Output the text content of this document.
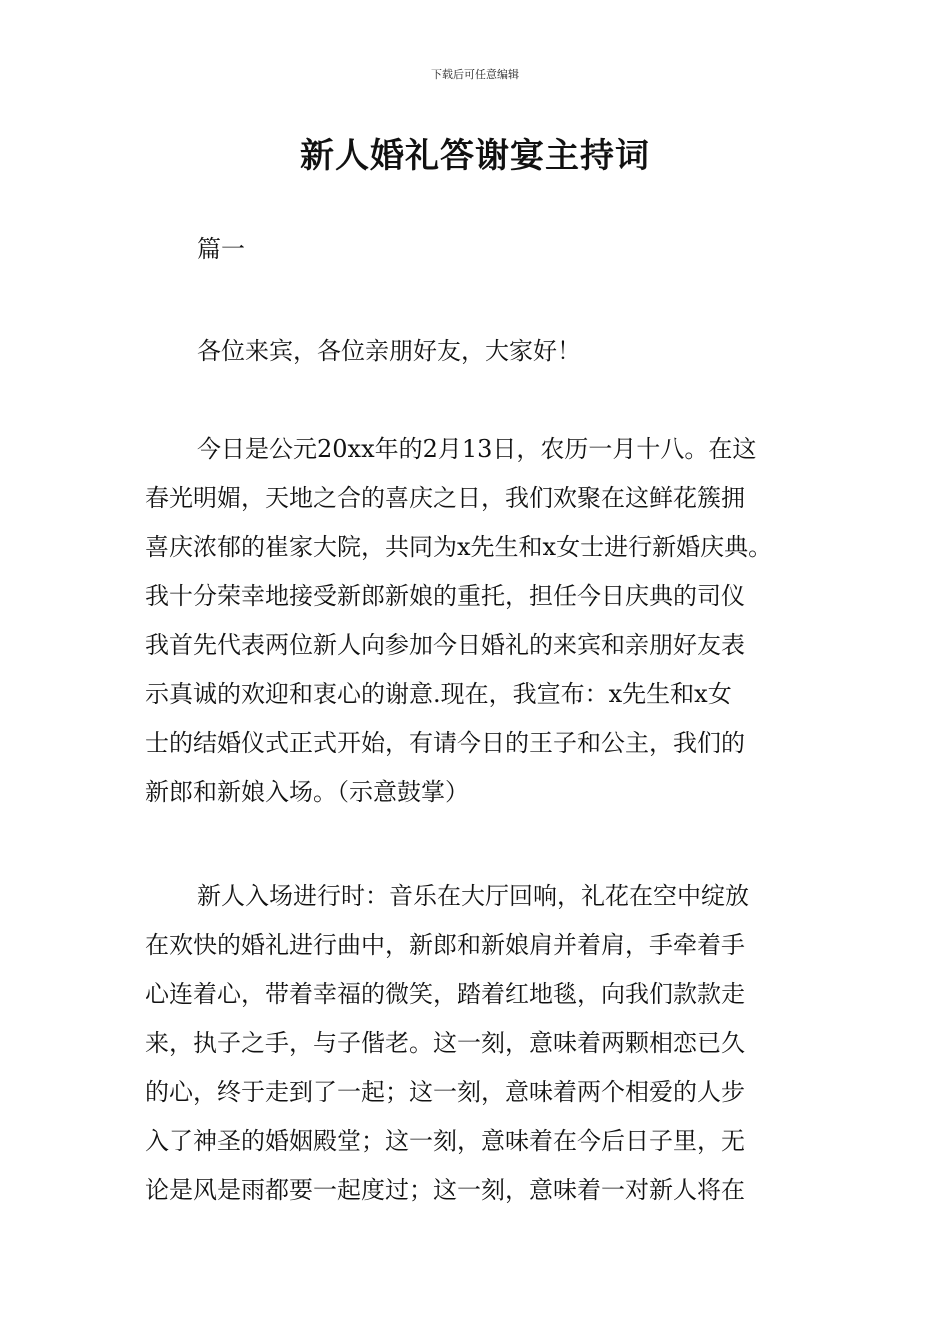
下载后可任意编辑
新人婚礼答谢宴主持词
篇一
各位来宾，各位亲朋好友，大家好！
今日是公元20xx年的2月13日，农历一月十八。在这
春光明媚，天地之合的喜庆之日，我们欢聚在这鲜花簇拥
喜庆浓郁的崔家大院，共同为x先生和x女士进行新婚庆典。
我十分荣幸地接受新郎新娘的重托，担任今日庆典的司仪
我首先代表两位新人向参加今日婚礼的来宾和亲朋好友表
示真诚的欢迎和衷心的谢意.现在，我宣布：x先生和x女
士的结婚仪式正式开始，有请今日的王子和公主，我们的
新郎和新娘入场。（示意鼓掌）
新人入场进行时：音乐在大厅回响，礼花在空中绽放
在欢快的婚礼进行曲中，新郎和新娘肩并着肩，手牵着手
心连着心，带着幸福的微笑，踏着红地毯，向我们款款走
来，执子之手，与子偕老。这一刻，意味着两颗相恋已久
的心，终于走到了一起；这一刻，意味着两个相爱的人步
入了神圣的婚姻殿堂；这一刻，意味着在今后日子里，无
论是风是雨都要一起度过；这一刻，意味着一对新人将在
